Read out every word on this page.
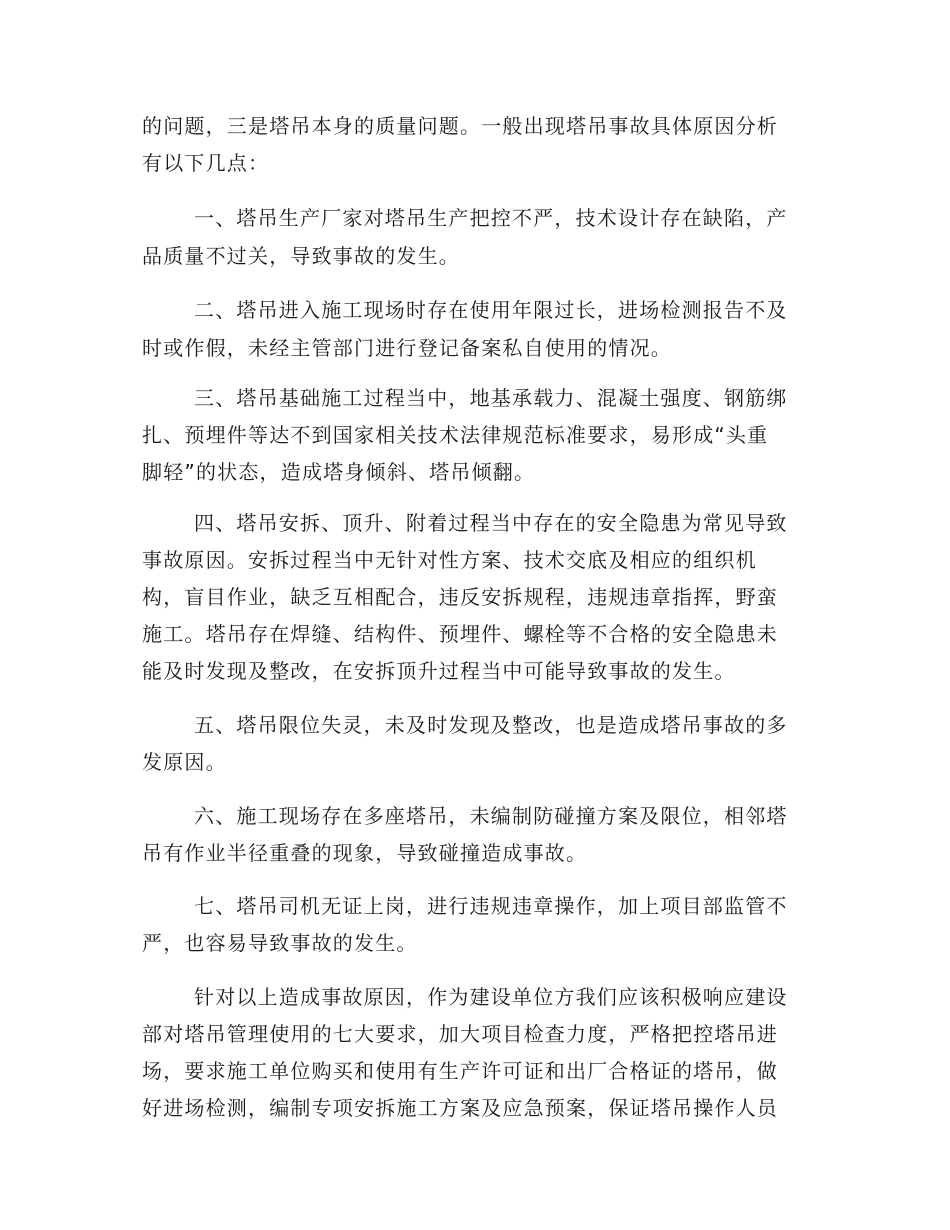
的问题，三是塔吊本身的质量问题。一般出现塔吊事故具体原因分析
有以下几点：
一、塔吊生产厂家对塔吊生产把控不严，技术设计存在缺陷，产
品质量不过关，导致事故的发生。
二、塔吊进入施工现场时存在使用年限过长，进场检测报告不及
时或作假，未经主管部门进行登记备案私自使用的情况。
三、塔吊基础施工过程当中，地基承载力、混凝土强度、钢筋绑
扎、预埋件等达不到国家相关技术法律规范标准要求，易形成“头重
脚轻”的状态，造成塔身倾斜、塔吊倾翻。
四、塔吊安拆、顶升、附着过程当中存在的安全隐患为常见导致
事故原因。安拆过程当中无针对性方案、技术交底及相应的组织机
构，盲目作业，缺乏互相配合，违反安拆规程，违规违章指挥，野蛮
施工。塔吊存在焊缝、结构件、预埋件、螺栓等不合格的安全隐患未
能及时发现及整改，在安拆顶升过程当中可能导致事故的发生。
五、塔吊限位失灵，未及时发现及整改，也是造成塔吊事故的多
发原因。
六、施工现场存在多座塔吊，未编制防碰撞方案及限位，相邻塔
吊有作业半径重叠的现象，导致碰撞造成事故。
七、塔吊司机无证上岗，进行违规违章操作，加上项目部监管不
严，也容易导致事故的发生。
针对以上造成事故原因，作为建设单位方我们应该积极响应建设
部对塔吊管理使用的七大要求，加大项目检查力度，严格把控塔吊进
场，要求施工单位购买和使用有生产许可证和出厂合格证的塔吊，做
好进场检测，编制专项安拆施工方案及应急预案，保证塔吊操作人员
